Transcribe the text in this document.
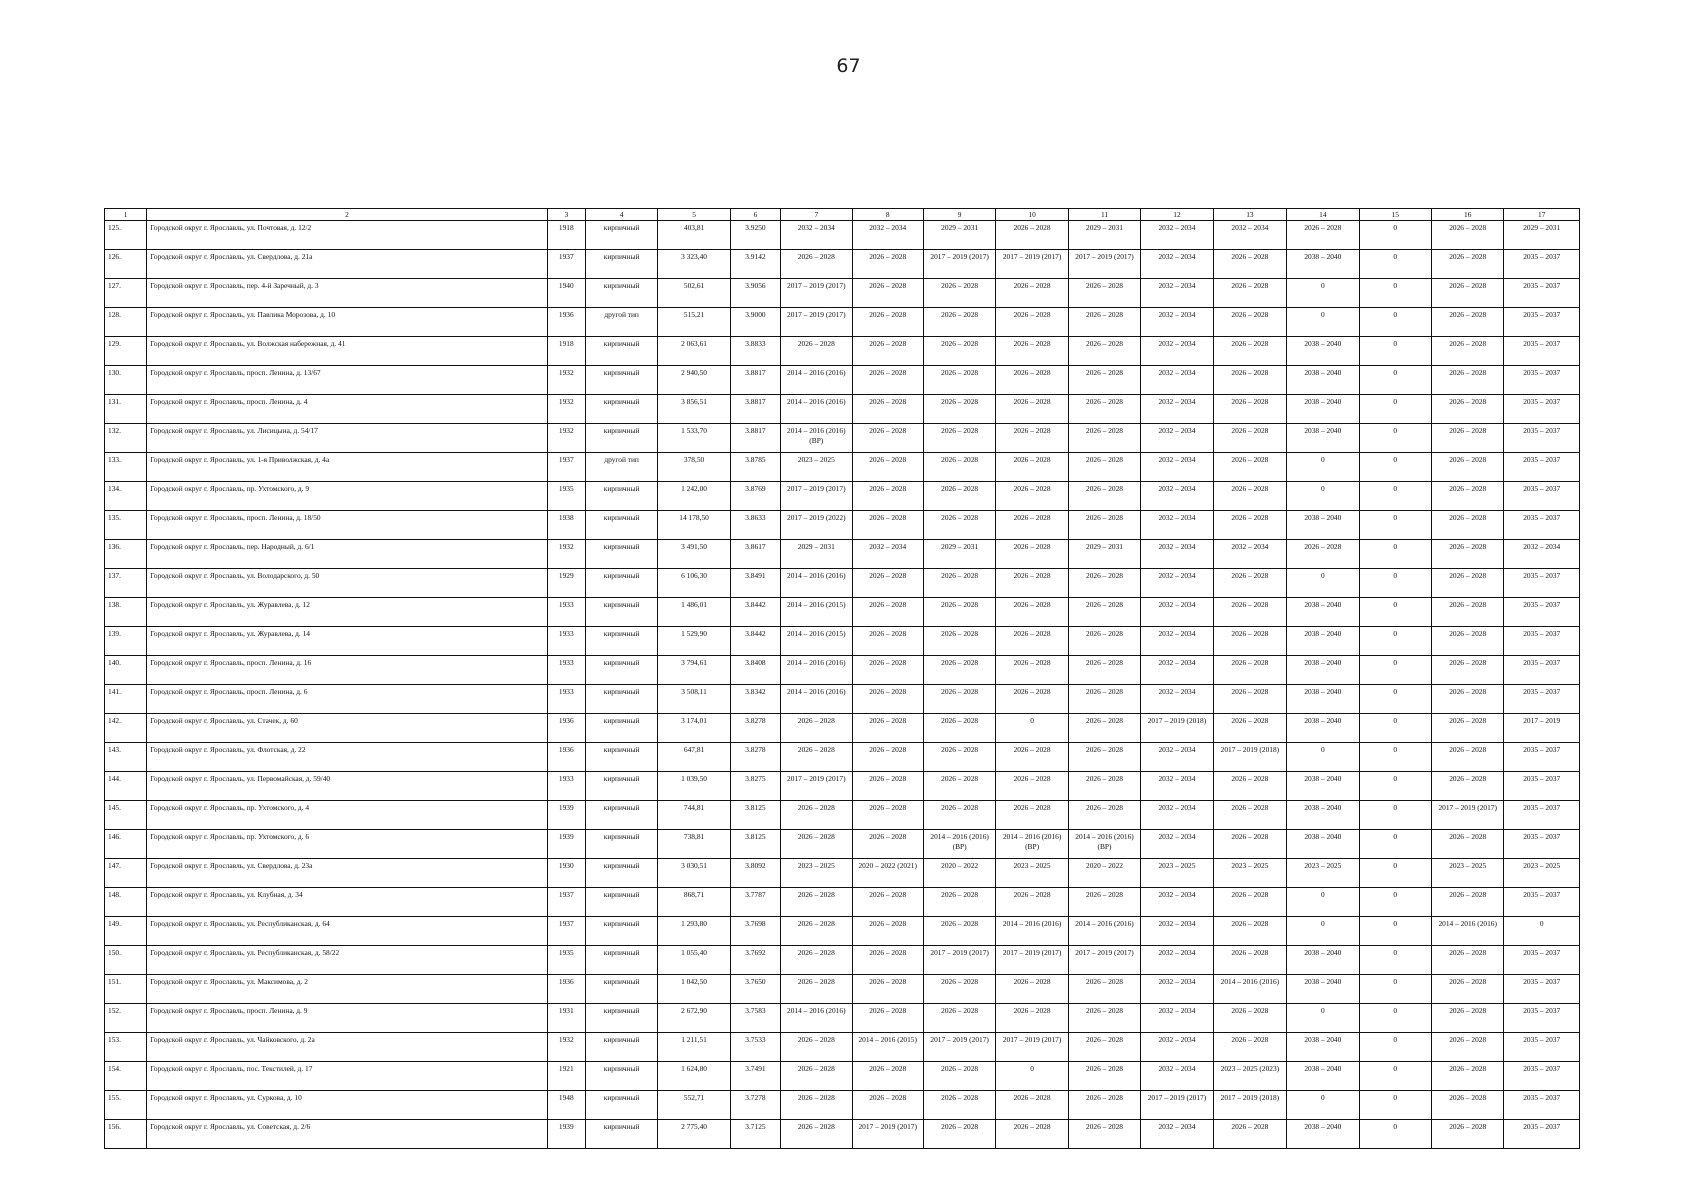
67
1	2	3	4	5	6	7	8	9	10	11	12	13	14	15	16	17
125.	Городской округ г. Ярославль, ул. Почтовая, д. 12/2	1918	кирпичный	403,81	3.9250	2032 – 2034	2032 – 2034	2029 – 2031	2026 – 2028	2029 – 2031	2032 – 2034	2032 – 2034	2026 – 2028	0	2026 – 2028	2029 – 2031
126.	Городской округ г. Ярославль, ул. Свердлова, д. 21а	1937	кирпичный	3 323,40	3.9142	2026 – 2028	2026 – 2028	2017 – 2019 (2017)	2017 – 2019 (2017)	2017 – 2019 (2017)	2032 – 2034	2026 – 2028	2038 – 2040	0	2026 – 2028	2035 – 2037
127.	Городской округ г. Ярославль, пер. 4-й Заречный, д. 3	1940	кирпичный	502,61	3.9056	2017 – 2019 (2017)	2026 – 2028	2026 – 2028	2026 – 2028	2026 – 2028	2032 – 2034	2026 – 2028	0	0	2026 – 2028	2035 – 2037
128.	Городской округ г. Ярославль, ул. Павлика Морозова, д. 10	1936	другой тип	515,21	3.9000	2017 – 2019 (2017)	2026 – 2028	2026 – 2028	2026 – 2028	2026 – 2028	2032 – 2034	2026 – 2028	0	0	2026 – 2028	2035 – 2037
129.	Городской округ г. Ярославль, ул. Волжская набережная, д. 41	1918	кирпичный	2 063,61	3.8833	2026 – 2028	2026 – 2028	2026 – 2028	2026 – 2028	2026 – 2028	2032 – 2034	2026 – 2028	2038 – 2040	0	2026 – 2028	2035 – 2037
130.	Городской округ г. Ярославль, просп. Ленина, д. 13/67	1932	кирпичный	2 940,50	3.8817	2014 – 2016 (2016)	2026 – 2028	2026 – 2028	2026 – 2028	2026 – 2028	2032 – 2034	2026 – 2028	2038 – 2040	0	2026 – 2028	2035 – 2037
131.	Городской округ г. Ярославль, просп. Ленина, д. 4	1932	кирпичный	3 856,51	3.8817	2014 – 2016 (2016)	2026 – 2028	2026 – 2028	2026 – 2028	2026 – 2028	2032 – 2034	2026 – 2028	2038 – 2040	0	2026 – 2028	2035 – 2037
132.	Городской округ г. Ярославль, ул. Лисицына, д. 54/17	1932	кирпичный	1 533,70	3.8817	2014 – 2016 (2016) (ВР)	2026 – 2028	2026 – 2028	2026 – 2028	2026 – 2028	2032 – 2034	2026 – 2028	2038 – 2040	0	2026 – 2028	2035 – 2037
133.	Городской округ г. Ярославль, ул. 1-я Приволжская, д. 4а	1937	другой тип	378,50	3.8785	2023 – 2025	2026 – 2028	2026 – 2028	2026 – 2028	2026 – 2028	2032 – 2034	2026 – 2028	0	0	2026 – 2028	2035 – 2037
134.	Городской округ г. Ярославль, пр. Ухтомского, д. 9	1935	кирпичный	1 242,00	3.8769	2017 – 2019 (2017)	2026 – 2028	2026 – 2028	2026 – 2028	2026 – 2028	2032 – 2034	2026 – 2028	0	0	2026 – 2028	2035 – 2037
135.	Городской округ г. Ярославль, просп. Ленина, д. 18/50	1938	кирпичный	14 178,50	3.8633	2017 – 2019 (2022)	2026 – 2028	2026 – 2028	2026 – 2028	2026 – 2028	2032 – 2034	2026 – 2028	2038 – 2040	0	2026 – 2028	2035 – 2037
136.	Городской округ г. Ярославль, пер. Народный, д. 6/1	1932	кирпичный	3 491,50	3.8617	2029 – 2031	2032 – 2034	2029 – 2031	2026 – 2028	2029 – 2031	2032 – 2034	2032 – 2034	2026 – 2028	0	2026 – 2028	2032 – 2034
137.	Городской округ г. Ярославль, ул. Володарского, д. 50	1929	кирпичный	6 106,30	3.8491	2014 – 2016 (2016)	2026 – 2028	2026 – 2028	2026 – 2028	2026 – 2028	2032 – 2034	2026 – 2028	0	0	2026 – 2028	2035 – 2037
138.	Городской округ г. Ярославль, ул. Журавлева, д. 12	1933	кирпичный	1 486,01	3.8442	2014 – 2016 (2015)	2026 – 2028	2026 – 2028	2026 – 2028	2026 – 2028	2032 – 2034	2026 – 2028	2038 – 2040	0	2026 – 2028	2035 – 2037
139.	Городской округ г. Ярославль, ул. Журавлева, д. 14	1933	кирпичный	1 529,90	3.8442	2014 – 2016 (2015)	2026 – 2028	2026 – 2028	2026 – 2028	2026 – 2028	2032 – 2034	2026 – 2028	2038 – 2040	0	2026 – 2028	2035 – 2037
140.	Городской округ г. Ярославль, просп. Ленина, д. 16	1933	кирпичный	3 794,61	3.8408	2014 – 2016 (2016)	2026 – 2028	2026 – 2028	2026 – 2028	2026 – 2028	2032 – 2034	2026 – 2028	2038 – 2040	0	2026 – 2028	2035 – 2037
141.	Городской округ г. Ярославль, просп. Ленина, д. 6	1933	кирпичный	3 508,11	3.8342	2014 – 2016 (2016)	2026 – 2028	2026 – 2028	2026 – 2028	2026 – 2028	2032 – 2034	2026 – 2028	2038 – 2040	0	2026 – 2028	2035 – 2037
142.	Городской округ г. Ярославль, ул. Стачек, д. 60	1936	кирпичный	3 174,01	3.8278	2026 – 2028	2026 – 2028	2026 – 2028	0	2026 – 2028	2017 – 2019 (2018)	2026 – 2028	2038 – 2040	0	2026 – 2028	2017 – 2019
143.	Городской округ г. Ярославль, ул. Флотская, д. 22	1936	кирпичный	647,81	3.8278	2026 – 2028	2026 – 2028	2026 – 2028	2026 – 2028	2026 – 2028	2032 – 2034	2017 – 2019 (2018)	0	0	2026 – 2028	2035 – 2037
144.	Городской округ г. Ярославль, ул. Первомайская, д. 59/40	1933	кирпичный	1 039,50	3.8275	2017 – 2019 (2017)	2026 – 2028	2026 – 2028	2026 – 2028	2026 – 2028	2032 – 2034	2026 – 2028	2038 – 2040	0	2026 – 2028	2035 – 2037
145.	Городской округ г. Ярославль, пр. Ухтомского, д. 4	1939	кирпичный	744,81	3.8125	2026 – 2028	2026 – 2028	2026 – 2028	2026 – 2028	2026 – 2028	2032 – 2034	2026 – 2028	2038 – 2040	0	2017 – 2019 (2017)	2035 – 2037
146.	Городской округ г. Ярославль, пр. Ухтомского, д. 6	1939	кирпичный	738,81	3.8125	2026 – 2028	2026 – 2028	2014 – 2016 (2016) (ВР)	2014 – 2016 (2016) (ВР)	2014 – 2016 (2016) (ВР)	2032 – 2034	2026 – 2028	2038 – 2040	0	2026 – 2028	2035 – 2037
147.	Городской округ г. Ярославль, ул. Свердлова, д. 23а	1930	кирпичный	3 030,51	3.8092	2023 – 2025	2020 – 2022 (2021)	2020 – 2022	2023 – 2025	2020 – 2022	2023 – 2025	2023 – 2025	2023 – 2025	0	2023 – 2025	2023 – 2025
148.	Городской округ г. Ярославль, ул. Клубная, д. 34	1937	кирпичный	868,71	3.7787	2026 – 2028	2026 – 2028	2026 – 2028	2026 – 2028	2026 – 2028	2032 – 2034	2026 – 2028	0	0	2026 – 2028	2035 – 2037
149.	Городской округ г. Ярославль, ул. Республиканская, д. 64	1937	кирпичный	1 293,80	3.7698	2026 – 2028	2026 – 2028	2026 – 2028	2014 – 2016 (2016)	2014 – 2016 (2016)	2032 – 2034	2026 – 2028	0	0	2014 – 2016 (2016)	0
150.	Городской округ г. Ярославль, ул. Республиканская, д. 58/22	1935	кирпичный	1 055,40	3.7692	2026 – 2028	2026 – 2028	2017 – 2019 (2017)	2017 – 2019 (2017)	2017 – 2019 (2017)	2032 – 2034	2026 – 2028	2038 – 2040	0	2026 – 2028	2035 – 2037
151.	Городской округ г. Ярославль, ул. Максимова, д. 2	1936	кирпичный	1 042,50	3.7650	2026 – 2028	2026 – 2028	2026 – 2028	2026 – 2028	2026 – 2028	2032 – 2034	2014 – 2016 (2016)	2038 – 2040	0	2026 – 2028	2035 – 2037
152.	Городской округ г. Ярославль, просп. Ленина, д. 9	1931	кирпичный	2 672,90	3.7583	2014 – 2016 (2016)	2026 – 2028	2026 – 2028	2026 – 2028	2026 – 2028	2032 – 2034	2026 – 2028	0	0	2026 – 2028	2035 – 2037
153.	Городской округ г. Ярославль, ул. Чайковского, д. 2а	1932	кирпичный	1 211,51	3.7533	2026 – 2028	2014 – 2016 (2015)	2017 – 2019 (2017)	2017 – 2019 (2017)	2026 – 2028	2032 – 2034	2026 – 2028	2038 – 2040	0	2026 – 2028	2035 – 2037
154.	Городской округ г. Ярославль, пос. Текстилей, д. 17	1921	кирпичный	1 624,80	3.7491	2026 – 2028	2026 – 2028	2026 – 2028	0	2026 – 2028	2032 – 2034	2023 – 2025 (2023)	2038 – 2040	0	2026 – 2028	2035 – 2037
155.	Городской округ г. Ярославль, ул. Суркова, д. 10	1948	кирпичный	552,71	3.7278	2026 – 2028	2026 – 2028	2026 – 2028	2026 – 2028	2026 – 2028	2017 – 2019 (2017)	2017 – 2019 (2018)	0	0	2026 – 2028	2035 – 2037
156.	Городской округ г. Ярославль, ул. Советская, д. 2/6	1939	кирпичный	2 775,40	3.7125	2026 – 2028	2017 – 2019 (2017)	2026 – 2028	2026 – 2028	2026 – 2028	2032 – 2034	2026 – 2028	2038 – 2040	0	2026 – 2028	2035 – 2037
